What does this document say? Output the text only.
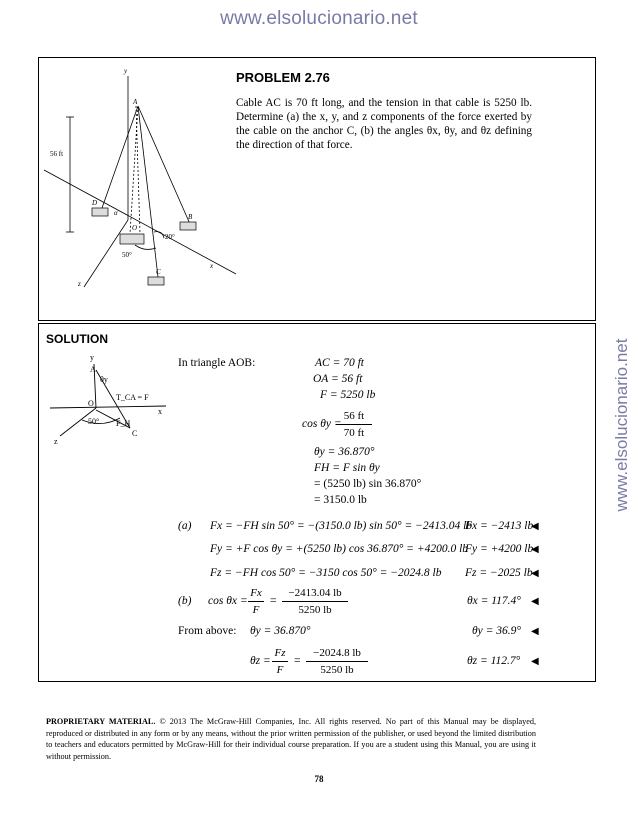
www.elsolucionario.net
www.elsolucionario.net
y
A
56 ft
D
α
O
B
20°
50°
C
x
z
PROBLEM 2.76
Cable AC is 70 ft long, and the tension in that cable is 5250 lb. Determine (a) the x, y, and z components of the force exerted by the cable on the anchor C, (b) the angles θx, θy, and θz defining the direction of that force.
SOLUTION
y
A
θy
T_CA = F
x
O
F_H
C
50°
z
In triangle AOB:	AC = 70 ft
OA = 56 ft
F = 5250 lb
cos θy =
56 ft
70 ft
θy = 36.870°
FH = F sin θy
= (5250 lb) sin 36.870°
= 3150.0 lb
(a) Fx = −FH sin 50° = −(3150.0 lb) sin 50° = −2413.04 lb
Fx = −2413 lb
◀
Fy = +F cos θy = +(5250 lb) cos 36.870° = +4200.0 lb
Fy = +4200 lb
◀
Fz = −FH cos 50° = −3150 cos 50° = −2024.8 lb Fz = −2025 lb
◀
(b) cos θx =
Fx
F
=
−2413.04 lb
5250 lb
θx = 117.4° ◀
From above: θy = 36.870°	θy = 36.9° ◀
θz =
Fz
F
=
−2024.8 lb
5250 lb
θz = 112.7° ◀
PROPRIETARY MATERIAL. © 2013 The McGraw-Hill Companies, Inc. All rights reserved. No part of this Manual may be displayed, reproduced or distributed in any form or by any means, without the prior written permission of the publisher, or used beyond the limited distribution to teachers and educators permitted by McGraw-Hill for their individual course preparation. If you are a student using this Manual, you are using it without permission.
78
